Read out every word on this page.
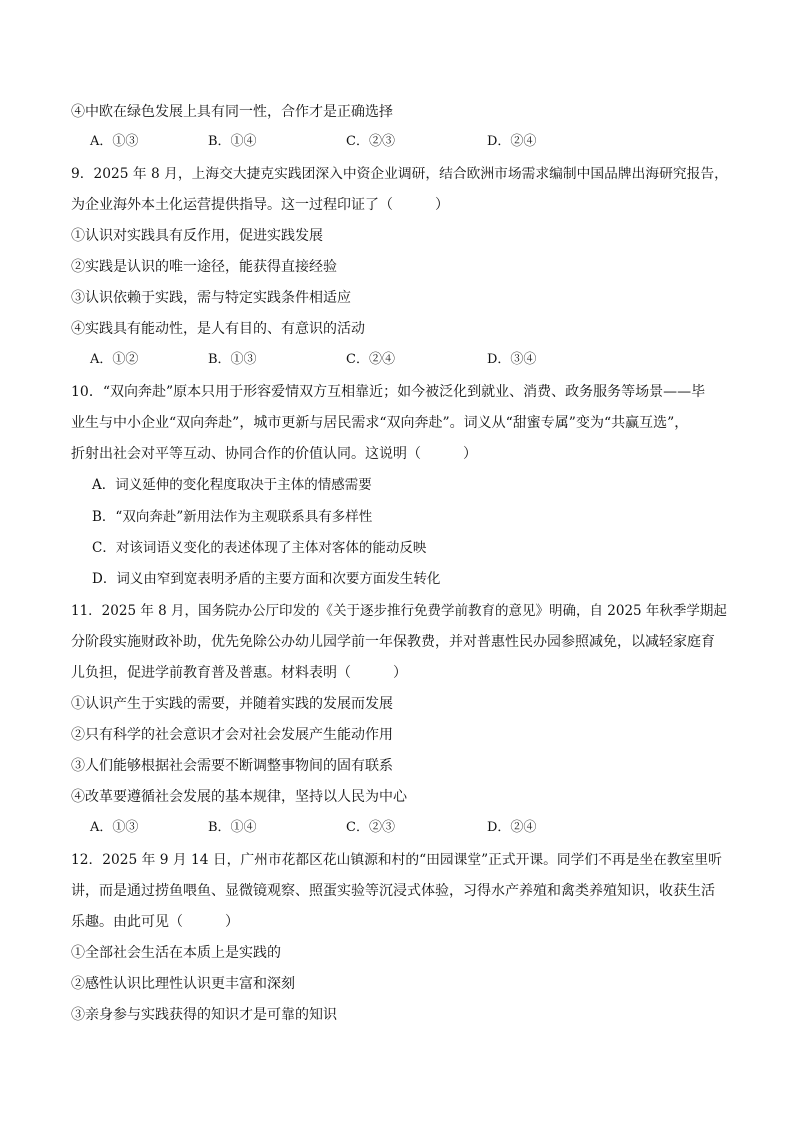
④中欧在绿色发展上具有同一性，合作才是正确选择
A．①③	B．①④	C．②③	D．②④
9．2025 年 8 月，上海交大捷克实践团深入中资企业调研，结合欧洲市场需求编制中国品牌出海研究报告，
为企业海外本土化运营提供指导。这一过程印证了（　　　）
①认识对实践具有反作用，促进实践发展
②实践是认识的唯一途径，能获得直接经验
③认识依赖于实践，需与特定实践条件相适应
④实践具有能动性，是人有目的、有意识的活动
A．①②	B．①③	C．②④	D．③④
10．“双向奔赴”原本只用于形容爱情双方互相靠近；如今被泛化到就业、消费、政务服务等场景——毕
业生与中小企业“双向奔赴”，城市更新与居民需求“双向奔赴”。词义从“甜蜜专属”变为“共赢互选”，
折射出社会对平等互动、协同合作的价值认同。这说明（　　　）
A．词义延伸的变化程度取决于主体的情感需要
B．“双向奔赴”新用法作为主观联系具有多样性
C．对该词语义变化的表述体现了主体对客体的能动反映
D．词义由窄到宽表明矛盾的主要方面和次要方面发生转化
11．2025 年 8 月，国务院办公厅印发的《关于逐步推行免费学前教育的意见》明确，自 2025 年秋季学期起
分阶段实施财政补助，优先免除公办幼儿园学前一年保教费，并对普惠性民办园参照减免，以减轻家庭育
儿负担，促进学前教育普及普惠。材料表明（　　　）
①认识产生于实践的需要，并随着实践的发展而发展
②只有科学的社会意识才会对社会发展产生能动作用
③人们能够根据社会需要不断调整事物间的固有联系
④改革要遵循社会发展的基本规律，坚持以人民为中心
A．①③	B．①④	C．②③	D．②④
12．2025 年 9 月 14 日，广州市花都区花山镇源和村的“田园课堂”正式开课。同学们不再是坐在教室里听
讲，而是通过捞鱼喂鱼、显微镜观察、照蛋实验等沉浸式体验，习得水产养殖和禽类养殖知识，收获生活
乐趣。由此可见（　　　）
①全部社会生活在本质上是实践的
②感性认识比理性认识更丰富和深刻
③亲身参与实践获得的知识才是可靠的知识
